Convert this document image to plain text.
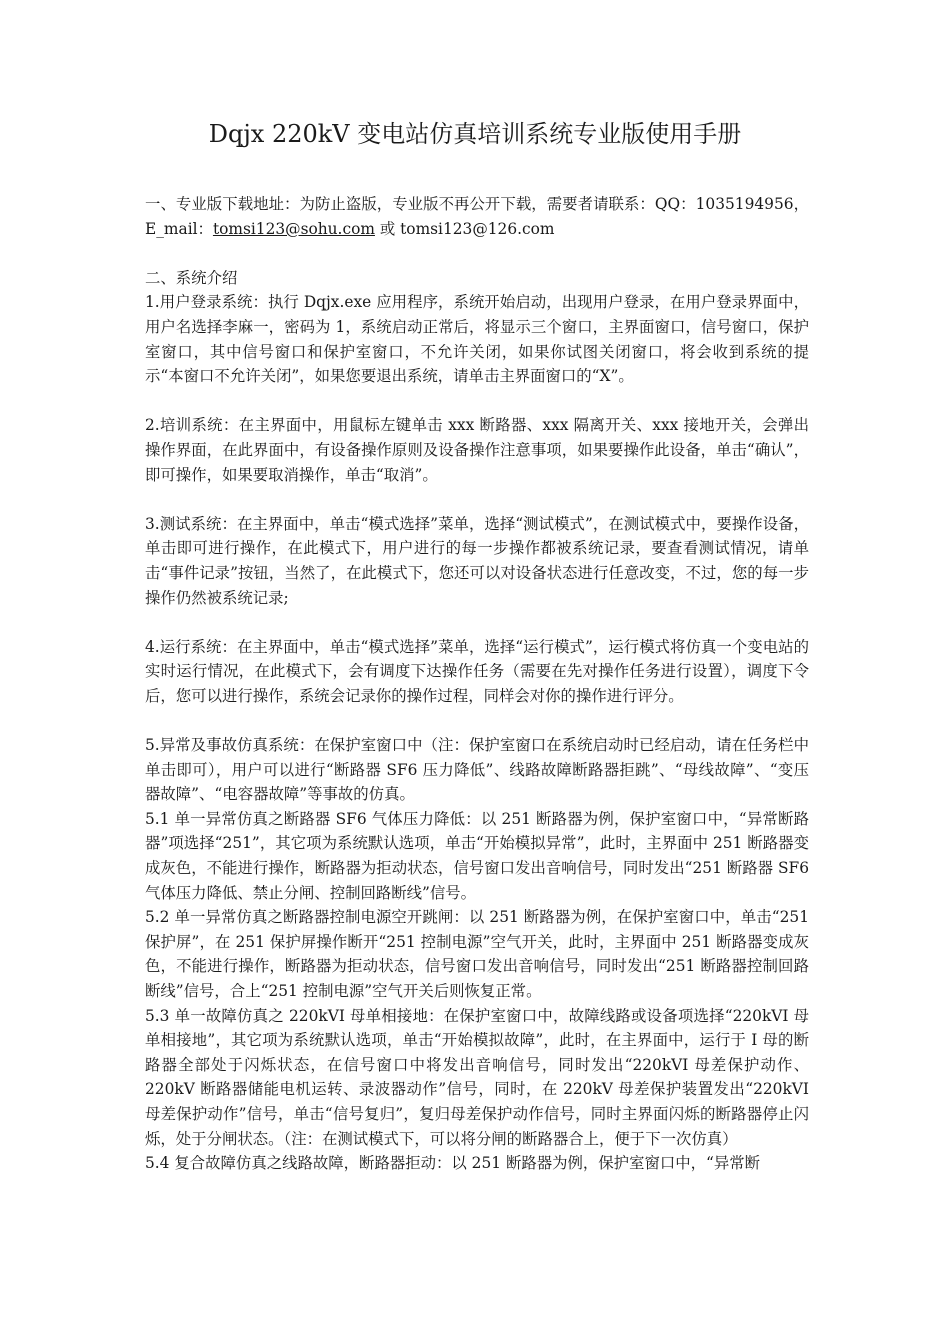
Dqjx 220kV 变电站仿真培训系统专业版使用手册

一、专业版下载地址：为防止盗版，专业版不再公开下载，需要者请联系：QQ：1035194956，E_mail：tomsi123@sohu.com 或 tomsi123@126.com

二、系统介绍

1.用户登录系统：执行 Dqjx.exe 应用程序，系统开始启动，出现用户登录，在用户登录界面中，用户名选择李麻一，密码为 1，系统启动正常后，将显示三个窗口，主界面窗口，信号窗口，保护室窗口，其中信号窗口和保护室窗口，不允许关闭，如果你试图关闭窗口，将会收到系统的提示“本窗口不允许关闭”，如果您要退出系统，请单击主界面窗口的“X”。

2.培训系统：在主界面中，用鼠标左键单击 xxx 断路器、xxx 隔离开关、xxx 接地开关，会弹出操作界面，在此界面中，有设备操作原则及设备操作注意事项，如果要操作此设备，单击“确认”，即可操作，如果要取消操作，单击“取消”。

3.测试系统：在主界面中，单击“模式选择”菜单，选择“测试模式”，在测试模式中，要操作设备，单击即可进行操作，在此模式下，用户进行的每一步操作都被系统记录，要查看测试情况，请单击“事件记录”按钮，当然了，在此模式下，您还可以对设备状态进行任意改变，不过，您的每一步操作仍然被系统记录;

4.运行系统：在主界面中，单击“模式选择”菜单，选择“运行模式”，运行模式将仿真一个变电站的实时运行情况，在此模式下，会有调度下达操作任务（需要在先对操作任务进行设置），调度下令后，您可以进行操作，系统会记录你的操作过程，同样会对你的操作进行评分。

5.异常及事故仿真系统：在保护室窗口中（注：保护室窗口在系统启动时已经启动，请在任务栏中单击即可），用户可以进行“断路器 SF6 压力降低”、线路故障断路器拒跳”、“母线故障”、“变压器故障”、“电容器故障”等事故的仿真。

5.1 单一异常仿真之断路器 SF6 气体压力降低：以 251 断路器为例，保护室窗口中，“异常断路器”项选择“251”，其它项为系统默认选项，单击“开始模拟异常”，此时，主界面中 251 断路器变成灰色，不能进行操作，断路器为拒动状态，信号窗口发出音响信号，同时发出“251 断路器 SF6 气体压力降低、禁止分闸、控制回路断线”信号。

5.2 单一异常仿真之断路器控制电源空开跳闸：以 251 断路器为例，在保护室窗口中，单击“251 保护屏”，在 251 保护屏操作断开“251 控制电源”空气开关，此时，主界面中 251 断路器变成灰色，不能进行操作，断路器为拒动状态，信号窗口发出音响信号，同时发出“251 断路器控制回路断线”信号，合上“251 控制电源”空气开关后则恢复正常。

5.3 单一故障仿真之 220kVI 母单相接地：在保护室窗口中，故障线路或设备项选择“220kVI 母单相接地”，其它项为系统默认选项，单击“开始模拟故障”，此时，在主界面中，运行于 I 母的断路器全部处于闪烁状态，在信号窗口中将发出音响信号，同时发出“220kVI 母差保护动作、220kV 断路器储能电机运转、录波器动作”信号，同时，在 220kV 母差保护装置发出“220kVI 母差保护动作”信号，单击“信号复归”，复归母差保护动作信号，同时主界面闪烁的断路器停止闪烁，处于分闸状态。（注：在测试模式下，可以将分闸的断路器合上，便于下一次仿真）

5.4 复合故障仿真之线路故障，断路器拒动：以 251 断路器为例，保护室窗口中，“异常断
